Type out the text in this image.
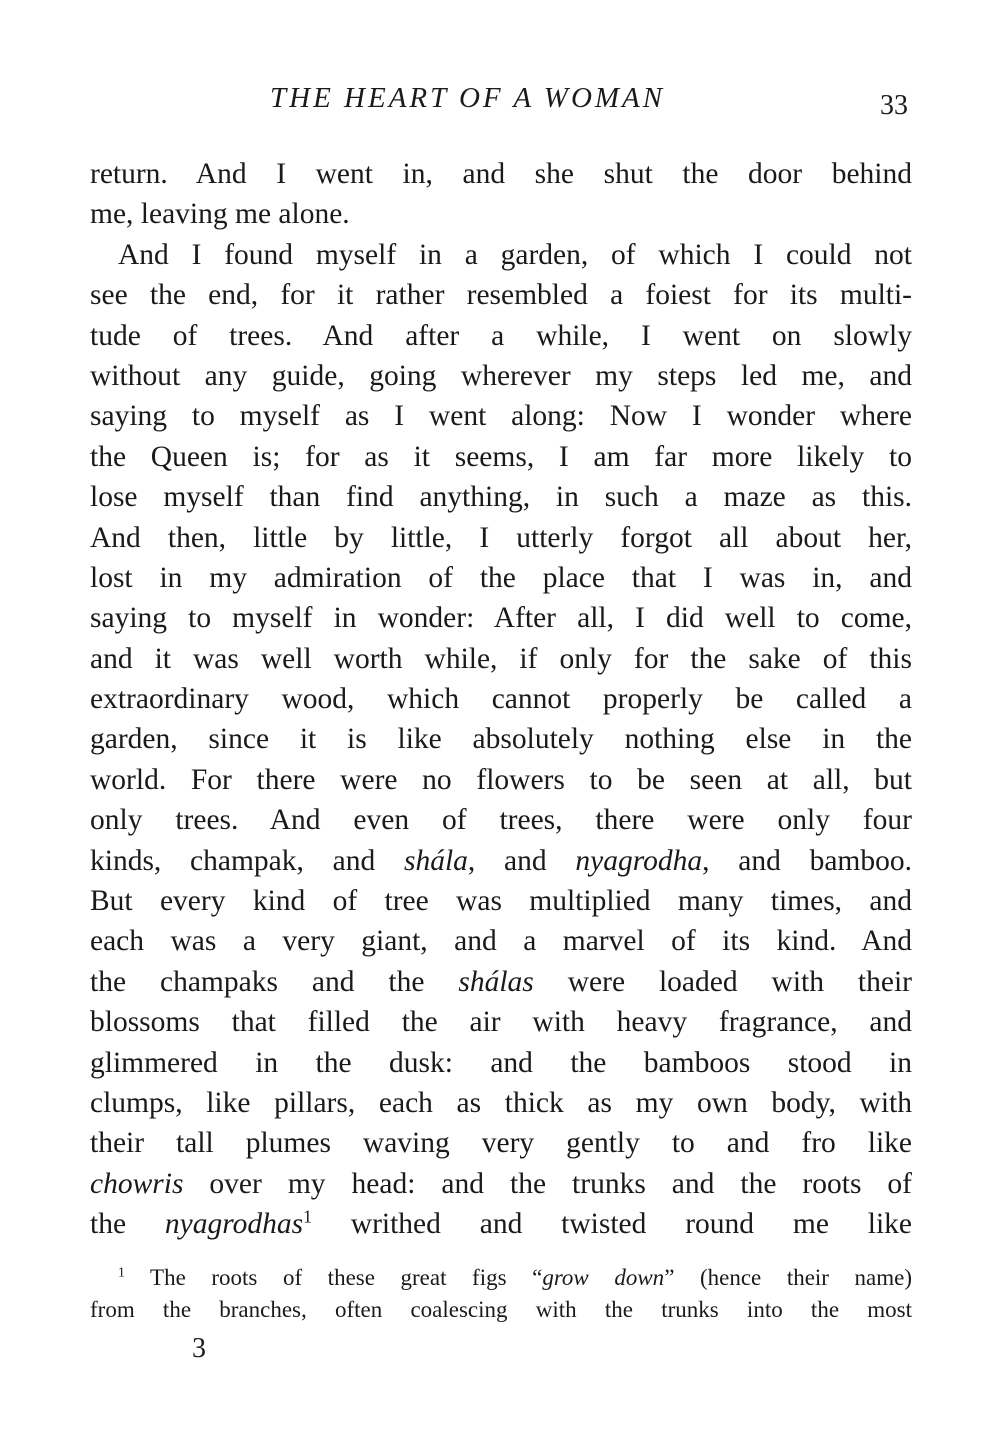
THE HEART OF A WOMAN	33
return. And I went in, and she shut the door behind
me, leaving me alone.
And I found myself in a garden, of which I could not
see the end, for it rather resembled a foiest for its multi-
tude of trees. And after a while, I went on slowly
without any guide, going wherever my steps led me, and
saying to myself as I went along: Now I wonder where
the Queen is; for as it seems, I am far more likely to
lose myself than find anything, in such a maze as this.
And then, little by little, I utterly forgot all about her,
lost in my admiration of the place that I was in, and
saying to myself in wonder: After all, I did well to come,
and it was well worth while, if only for the sake of this
extraordinary wood, which cannot properly be called a
garden, since it is like absolutely nothing else in the
world. For there were no flowers to be seen at all, but
only trees. And even of trees, there were only four
kinds, champak, and shála, and nyagrodha, and bamboo.
But every kind of tree was multiplied many times, and
each was a very giant, and a marvel of its kind. And
the champaks and the shálas were loaded with their
blossoms that filled the air with heavy fragrance, and
glimmered in the dusk: and the bamboos stood in
clumps, like pillars, each as thick as my own body, with
their tall plumes waving very gently to and fro like
chowris over my head: and the trunks and the roots of
the nyagrodhas$^1$ writhed and twisted round me like
$^1$ The roots of these great figs “grow down” (hence their name)
from the branches, often coalescing with the trunks into the most
3
